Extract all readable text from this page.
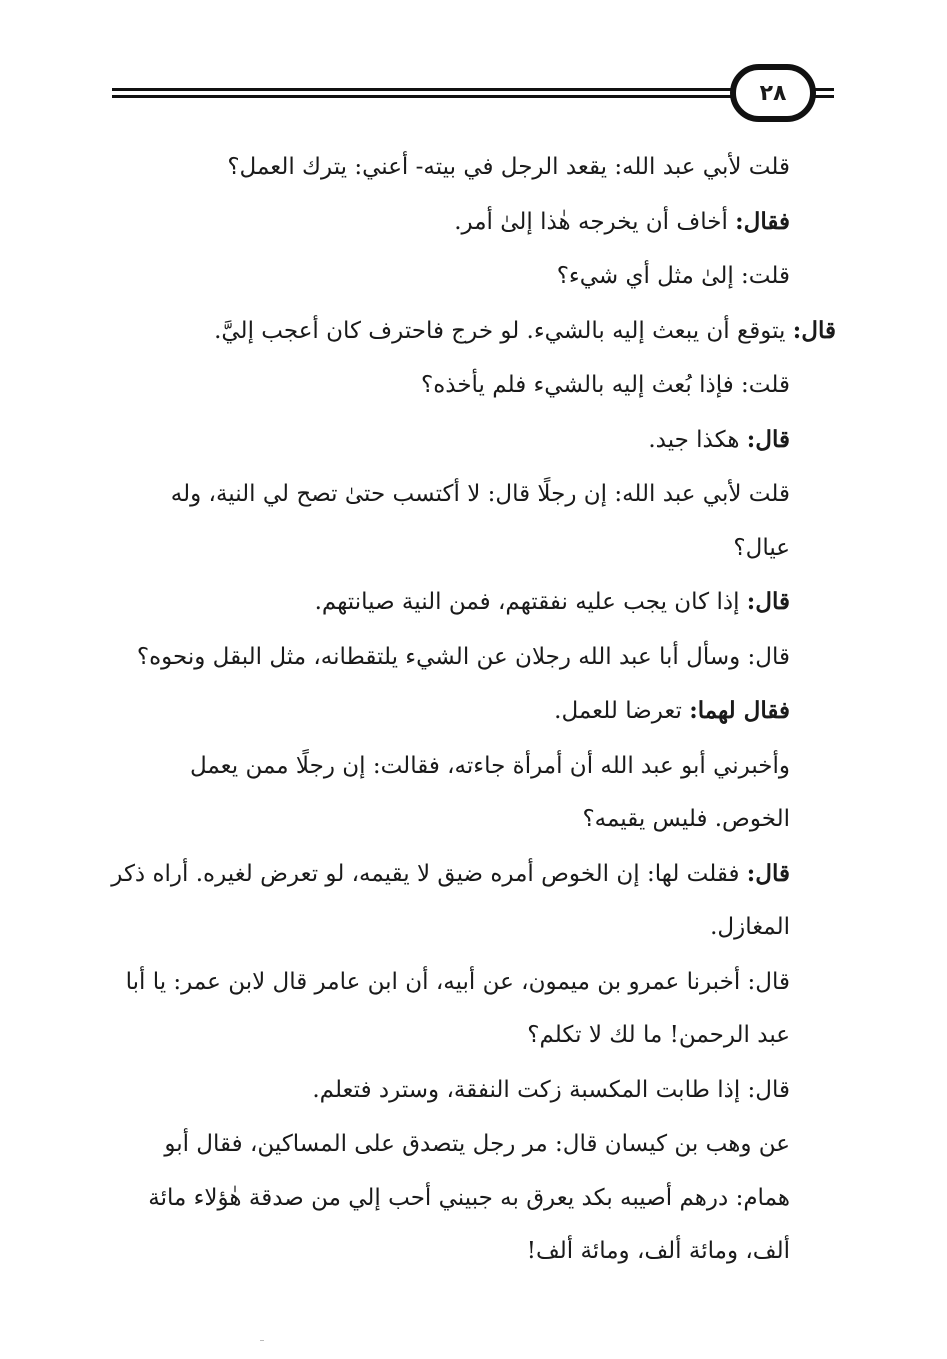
٢٨

قلت لأبي عبد الله: يقعد الرجل في بيته- أعني: يترك العمل؟

فقال: أخاف أن يخرجه هٰذا إلىٰ أمر.

قلت: إلىٰ مثل أي شيء؟

قال: يتوقع أن يبعث إليه بالشيء. لو خرج فاحترف كان أعجب إليَّ.

قلت: فإذا بُعث إليه بالشيء فلم يأخذه؟

قال: هكذا جيد.

قلت لأبي عبد الله: إن رجلًا قال: لا أكتسب حتىٰ تصح لي النية، وله عيال؟

قال: إذا كان يجب عليه نفقتهم، فمن النية صيانتهم.

قال: وسأل أبا عبد الله رجلان عن الشيء يلتقطانه، مثل البقل ونحوه؟

فقال لهما: تعرضا للعمل.

وأخبرني أبو عبد الله أن أمرأة جاءته، فقالت: إن رجلًا ممن يعمل الخوص. فليس يقيمه؟

قال: فقلت لها: إن الخوص أمره ضيق لا يقيمه، لو تعرض لغيره. أراه ذكر المغازل.

قال: أخبرنا عمرو بن ميمون، عن أبيه، أن ابن عامر قال لابن عمر: يا أبا عبد الرحمن! ما لك لا تكلم؟

قال: إذا طابت المكسبة زكت النفقة، وسترد فتعلم.

عن وهب بن كيسان قال: مر رجل يتصدق على المساكين، فقال أبو همام: درهم أصيبه بكد يعرق به جبيني أحب إلي من صدقة هٰؤلاء مائة ألف، ومائة ألف، ومائة ألف!
